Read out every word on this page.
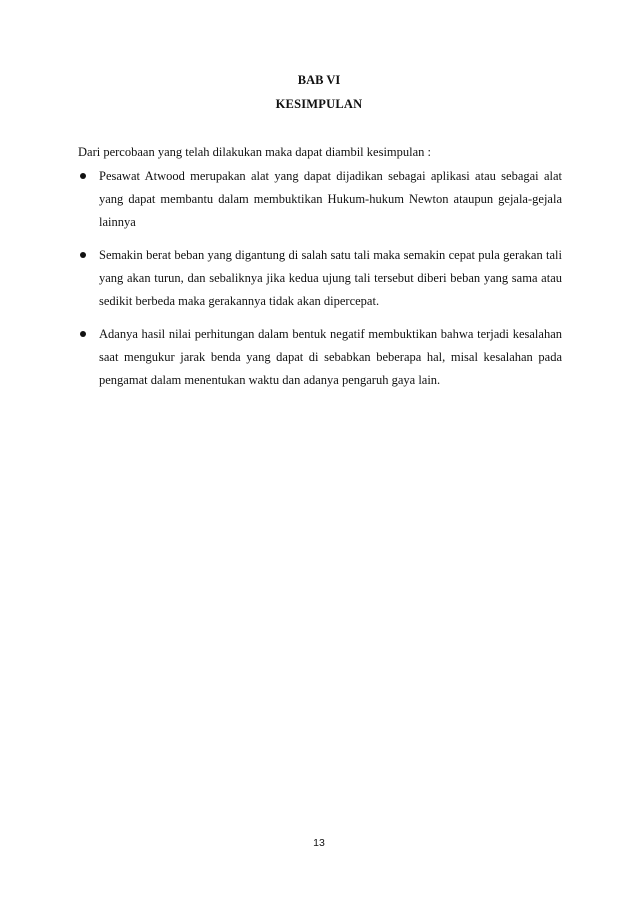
BAB VI
KESIMPULAN
Dari percobaan yang telah dilakukan maka dapat diambil kesimpulan :
Pesawat Atwood merupakan alat yang dapat dijadikan sebagai aplikasi atau sebagai alat yang dapat membantu dalam membuktikan Hukum-hukum Newton ataupun gejala-gejala lainnya
Semakin berat beban yang digantung di salah satu tali maka semakin cepat pula gerakan tali yang akan turun, dan sebaliknya jika kedua ujung tali tersebut diberi beban yang sama atau sedikit berbeda maka gerakannya tidak akan dipercepat.
Adanya hasil nilai perhitungan dalam bentuk negatif membuktikan bahwa terjadi kesalahan saat mengukur jarak benda yang dapat di sebabkan beberapa hal, misal kesalahan pada pengamat dalam menentukan waktu dan adanya pengaruh gaya lain.
13
